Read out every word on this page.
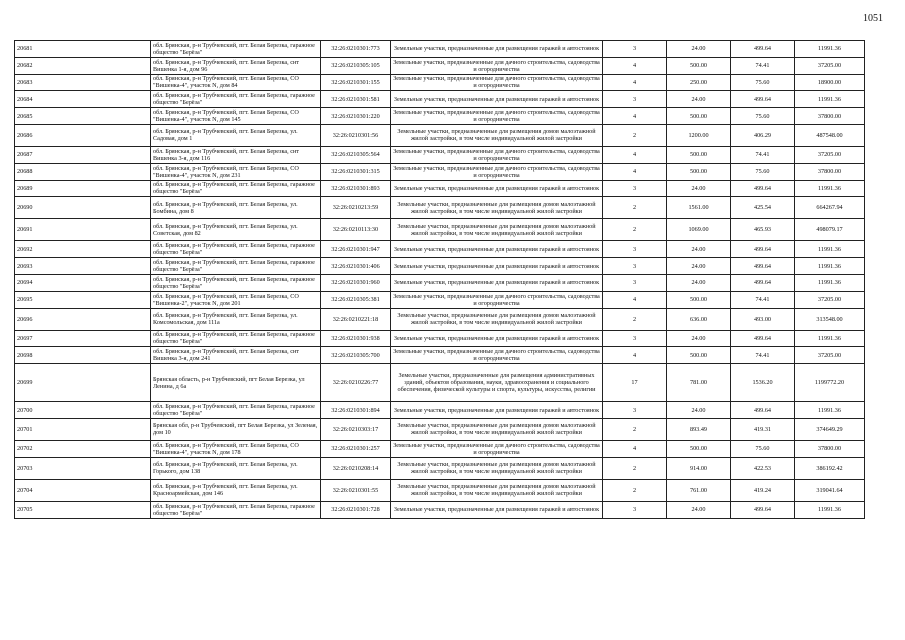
1051
20681	обл. Брянская, р-н Трубчевский, пгт. Белая Березка, гаражное общество "Берёза"	32:26:0210301:773	Земельные участки, предназначенные для размещения гаражей и автостоянок	3	24.00	499.64	11991.36
20682	обл. Брянская, р-н Трубчевский, пгт. Белая Березка, снт Вишенка 1-я, дом 96	32:26:0210305:105	Земельные участки, предназначенные для дачного строительства, садоводства и огородничества	4	500.00	74.41	37205.00
20683	обл. Брянская, р-н Трубчевский, пгт. Белая Березка, СО "Вишенка-4", участок N, дом 84	32:26:0210301:155	Земельные участки, предназначенные для дачного строительства, садоводства и огородничества	4	250.00	75.60	18900.00
20684	обл. Брянская, р-н Трубчевский, пгт. Белая Березка, гаражное общество "Берёза"	32:26:0210301:581	Земельные участки, предназначенные для размещения гаражей и автостоянок	3	24.00	499.64	11991.36
20685	обл. Брянская, р-н Трубчевский, пгт. Белая Березка, СО "Вишенка-4", участок N, дом 145	32:26:0210301:220	Земельные участки, предназначенные для дачного строительства, садоводства и огородничества	4	500.00	75.60	37800.00
20686	обл. Брянская, р-н Трубчевский, пгт. Белая Березка, ул. Садовая, дом 1	32:26:0210301:56	Земельные участки, предназначенные для размещения домов малоэтажной жилой застройки, в том числе индивидуальной жилой застройки	2	1200.00	406.29	487548.00
20687	обл. Брянская, р-н Трубчевский, пгт. Белая Березка, снт Вишенка 3-я, дом 116	32:26:0210305:564	Земельные участки, предназначенные для дачного строительства, садоводства и огородничества	4	500.00	74.41	37205.00
20688	обл. Брянская, р-н Трубчевский, пгт. Белая Березка, СО "Вишенка-4", участок N, дом 231	32:26:0210301:315	Земельные участки, предназначенные для дачного строительства, садоводства и огородничества	4	500.00	75.60	37800.00
20689	обл. Брянская, р-н Трубчевский, пгт. Белая Березка, гаражное общество "Берёза"	32:26:0210301:893	Земельные участки, предназначенные для размещения гаражей и автостоянок	3	24.00	499.64	11991.36
20690	обл. Брянская, р-н Трубчевский, пгт. Белая Березка, ул. Бомбина, дом 8	32:26:0210213:59	Земельные участки, предназначенные для размещения домов малоэтажной жилой застройки, в том числе индивидуальной жилой застройки	2	1561.00	425.54	664267.94
20691	обл. Брянская, р-н Трубчевский, пгт. Белая Березка, ул. Советская, дом 82	32:26:0210113:30	Земельные участки, предназначенные для размещения домов малоэтажной жилой застройки, в том числе индивидуальной жилой застройки	2	1069.00	465.93	498079.17
20692	обл. Брянская, р-н Трубчевский, пгт. Белая Березка, гаражное общество "Берёза"	32:26:0210301:947	Земельные участки, предназначенные для размещения гаражей и автостоянок	3	24.00	499.64	11991.36
20693	обл. Брянская, р-н Трубчевский, пгт. Белая Березка, гаражное общество "Берёза"	32:26:0210301:406	Земельные участки, предназначенные для размещения гаражей и автостоянок	3	24.00	499.64	11991.36
20694	обл. Брянская, р-н Трубчевский, пгт. Белая Березка, гаражное общество "Берёза"	32:26:0210301:960	Земельные участки, предназначенные для размещения гаражей и автостоянок	3	24.00	499.64	11991.36
20695	обл. Брянская, р-н Трубчевский, пгт. Белая Березка, СО "Вишенка-2", участок N, дом 201	32:26:0210305:381	Земельные участки, предназначенные для дачного строительства, садоводства и огородничества	4	500.00	74.41	37205.00
20696	обл. Брянская, р-н Трубчевский, пгт. Белая Березка, ул. Комсомольская, дом 111а	32:26:0210221:18	Земельные участки, предназначенные для размещения домов малоэтажной жилой застройки, в том числе индивидуальной жилой застройки	2	636.00	493.00	313548.00
20697	обл. Брянская, р-н Трубчевский, пгт. Белая Березка, гаражное общество "Берёза"	32:26:0210301:938	Земельные участки, предназначенные для размещения гаражей и автостоянок	3	24.00	499.64	11991.36
20698	обл. Брянская, р-н Трубчевский, пгт. Белая Березка, снт Вишенка 3-я, дом 241	32:26:0210305:700	Земельные участки, предназначенные для дачного строительства, садоводства и огородничества	4	500.00	74.41	37205.00
20699	Брянская область, р-н Трубчевский, пгт Белая Березка, ул Ленина, д 6а	32:26:0210226:77	Земельные участки, предназначенные для размещения административных зданий, объектов образования, науки, здравоохранения и социального обеспечения, физической культуры и спорта, культуры, искусства, религии	17	781.00	1536.20	1199772.20
20700	обл. Брянская, р-н Трубчевский, пгт. Белая Березка, гаражное общество "Берёза"	32:26:0210301:894	Земельные участки, предназначенные для размещения гаражей и автостоянок	3	24.00	499.64	11991.36
20701	Брянская обл, р-н Трубчевский, пгт Белая Березка, ул Зеленая, дом 10	32:26:0210303:17	Земельные участки, предназначенные для размещения домов малоэтажной жилой застройки, в том числе индивидуальной жилой застройки	2	893.49	419.31	374649.29
20702	обл. Брянская, р-н Трубчевский, пгт. Белая Березка, СО "Вишенка-4", участок N, дом 178	32:26:0210301:257	Земельные участки, предназначенные для дачного строительства, садоводства и огородничества	4	500.00	75.60	37800.00
20703	обл. Брянская, р-н Трубчевский, пгт. Белая Березка, ул. Горького, дом 138	32:26:0210208:14	Земельные участки, предназначенные для размещения домов малоэтажной жилой застройки, в том числе индивидуальной жилой застройки	2	914.00	422.53	386192.42
20704	обл. Брянская, р-н Трубчевский, пгт. Белая Березка, ул. Красноармейская, дом 146	32:26:0210301:55	Земельные участки, предназначенные для размещения домов малоэтажной жилой застройки, в том числе индивидуальной жилой застройки	2	761.00	419.24	319041.64
20705	обл. Брянская, р-н Трубчевский, пгт. Белая Березка, гаражное общество "Берёза"	32:26:0210301:728	Земельные участки, предназначенные для размещения гаражей и автостоянок	3	24.00	499.64	11991.36
